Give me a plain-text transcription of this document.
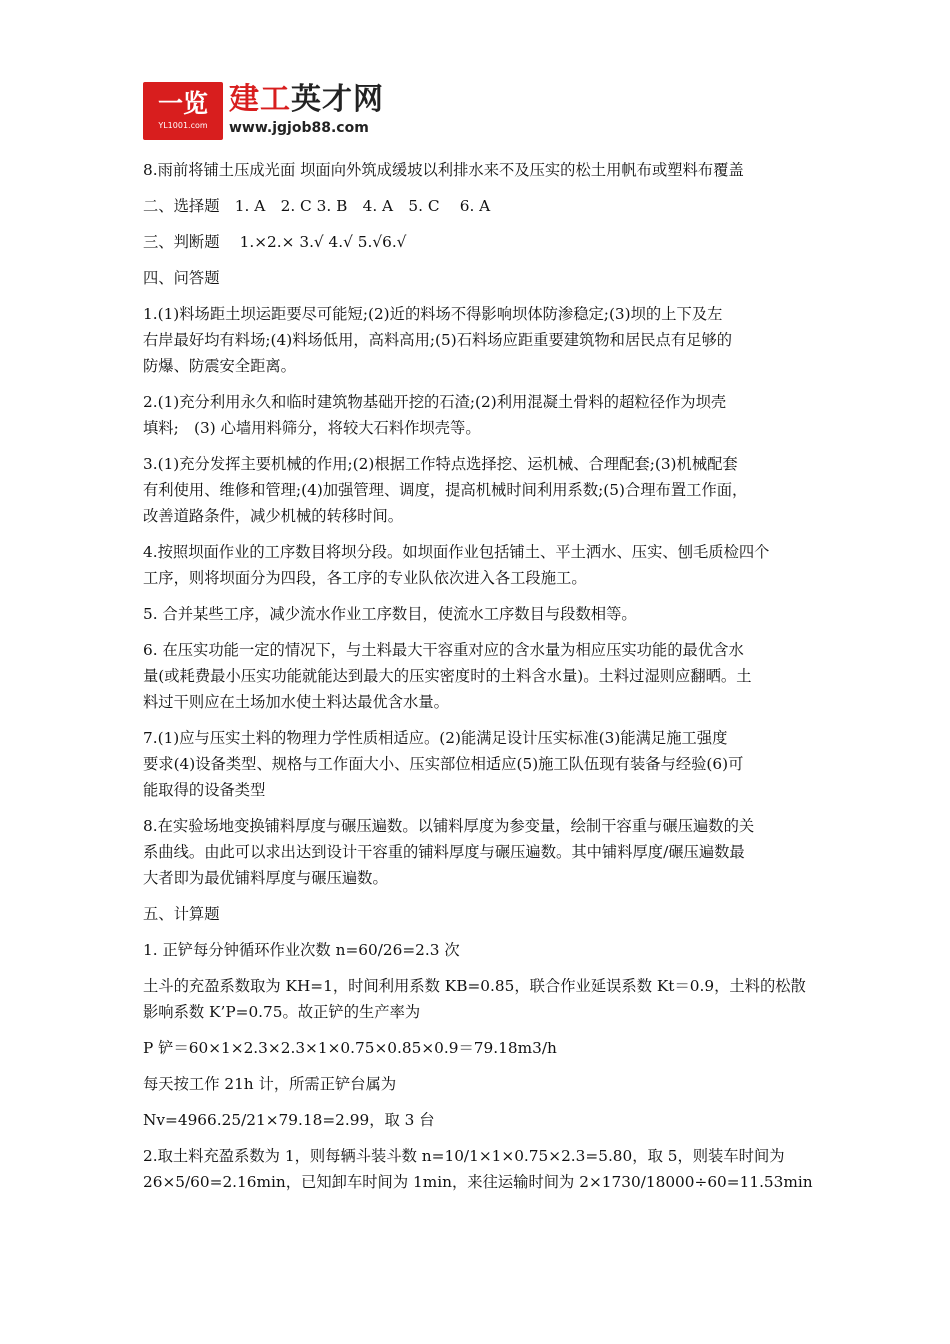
一览
YL1001.com
建工英才网
www.jgjob88.com
8.雨前将铺土压成光面 坝面向外筑成缓坡以利排水来不及压实的松土用帆布或塑料布覆盖
二、选择题　1. A　2. C 3. B　4. A　5. C　 6. A
三、判断题　 1.×2.× 3.√ 4.√ 5.√6.√
四、问答题
1.(1)料场距土坝运距要尽可能短;(2)近的料场不得影响坝体防渗稳定;(3)坝的上下及左
右岸最好均有料场;(4)料场低用，高料高用;(5)石料场应距重要建筑物和居民点有足够的
防爆、防震安全距离。
2.(1)充分利用永久和临时建筑物基础开挖的石渣;(2)利用混凝土骨料的超粒径作为坝壳
填料;　(3) 心墙用料筛分，将较大石料作坝壳等。
3.(1)充分发挥主要机械的作用;(2)根据工作特点选择挖、运机械、合理配套;(3)机械配套
有利使用、维修和管理;(4)加强管理、调度，提高机械时间利用系数;(5)合理布置工作面，
改善道路条件，减少机械的转移时间。
4.按照坝面作业的工序数目将坝分段。如坝面作业包括铺土、平土洒水、压实、刨毛质检四个
工序，则将坝面分为四段，各工序的专业队依次进入各工段施工。
5. 合并某些工序，减少流水作业工序数目，使流水工序数目与段数相等。
6. 在压实功能一定的情况下，与土料最大干容重对应的含水量为相应压实功能的最优含水
量(或耗费最小压实功能就能达到最大的压实密度时的土料含水量)。土料过湿则应翻晒。土
料过干则应在土场加水使土料达最优含水量。
7.(1)应与压实土料的物理力学性质相适应。(2)能满足设计压实标准(3)能满足施工强度
要求(4)设备类型、规格与工作面大小、压实部位相适应(5)施工队伍现有装备与经验(6)可
能取得的设备类型
8.在实验场地变换铺料厚度与碾压遍数。以铺料厚度为参变量，绘制干容重与碾压遍数的关
系曲线。由此可以求出达到设计干容重的铺料厚度与碾压遍数。其中铺料厚度/碾压遍数最
大者即为最优铺料厚度与碾压遍数。
五、计算题
1. 正铲每分钟循环作业次数 n=60/26=2.3 次
土斗的充盈系数取为 KH=1，时间利用系数 KB=0.85，联合作业延误系数 Kt＝0.9，土料的松散
影响系数 K’P=0.75。故正铲的生产率为
P 铲＝60×1×2.3×2.3×1×0.75×0.85×0.9＝79.18m3/h
每天按工作 21h 计，所需正铲台属为
Nv=4966.25/21×79.18=2.99，取 3 台
2.取土料充盈系数为 1，则每辆斗装斗数 n=10/1×1×0.75×2.3=5.80，取 5，则装车时间为
26×5/60=2.16min，已知卸车时间为 1min，来往运输时间为 2×1730/18000÷60=11.53min
